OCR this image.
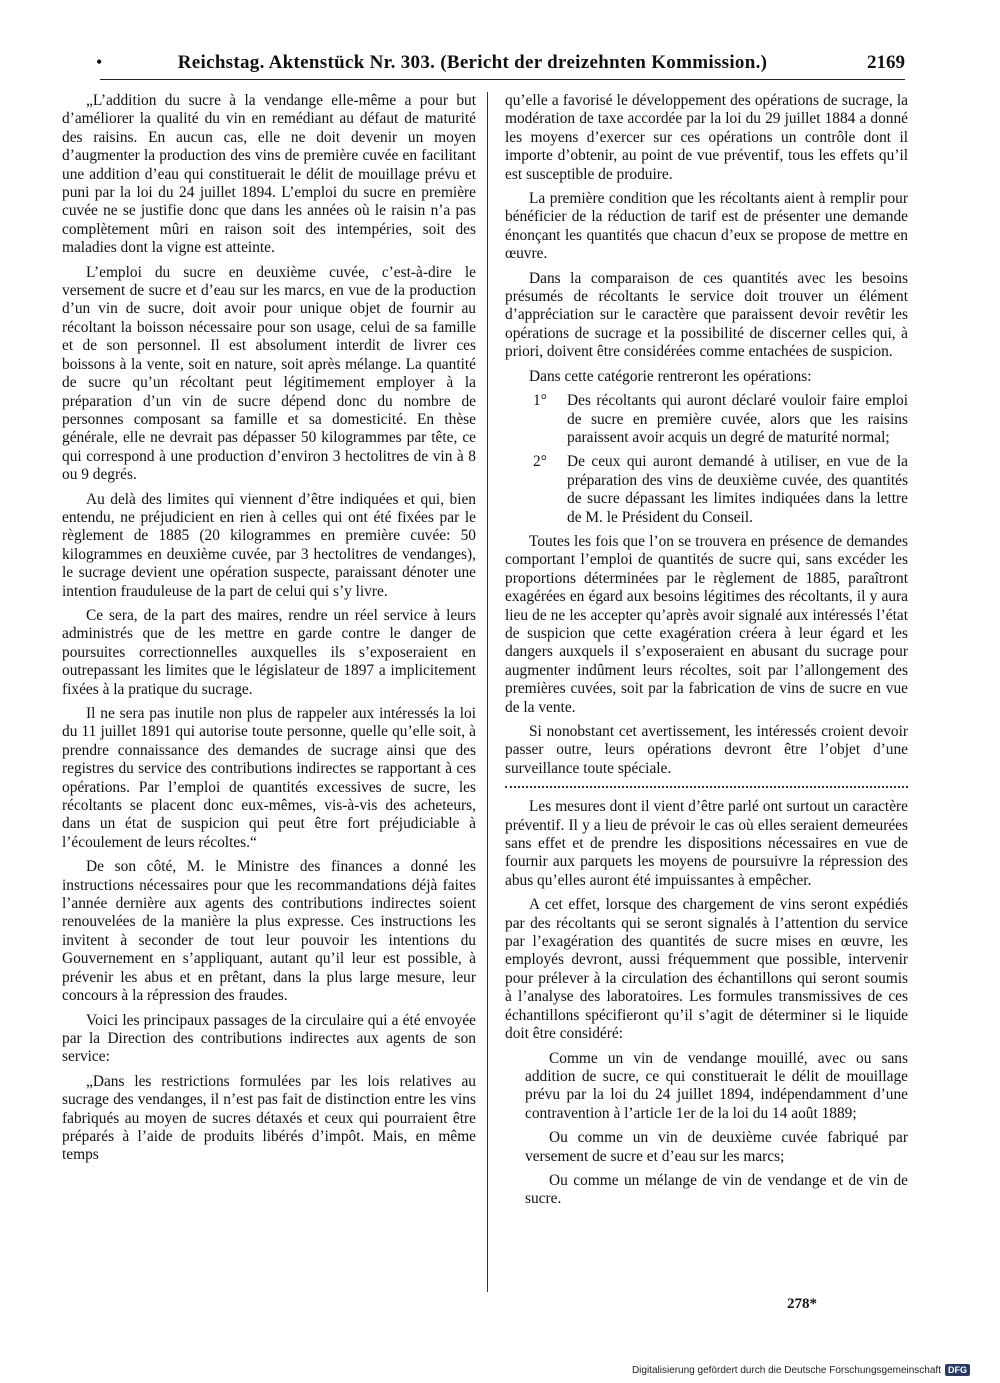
•	Reichstag. Aktenstück Nr. 303. (Bericht der dreizehnten Kommission.)	2169

„L’addition du sucre à la vendange elle-même a pour but d’améliorer la qualité du vin en remédiant au défaut de maturité des raisins. En aucun cas, elle ne doit devenir un moyen d’augmenter la production des vins de première cuvée en facilitant une addition d’eau qui constituerait le délit de mouillage prévu et puni par la loi du 24 juillet 1894. L’emploi du sucre en première cuvée ne se justifie donc que dans les années où le raisin n’a pas complètement mûri en raison soit des intempéries, soit des maladies dont la vigne est atteinte.

L’emploi du sucre en deuxième cuvée, c’est-à-dire le versement de sucre et d’eau sur les marcs, en vue de la production d’un vin de sucre, doit avoir pour unique objet de fournir au récoltant la boisson nécessaire pour son usage, celui de sa famille et de son personnel. Il est absolument interdit de livrer ces boissons à la vente, soit en nature, soit après mélange. La quantité de sucre qu’un récoltant peut légitimement employer à la préparation d’un vin de sucre dépend donc du nombre de personnes composant sa famille et sa domesticité. En thèse générale, elle ne devrait pas dépasser 50 kilogrammes par tête, ce qui correspond à une production d’environ 3 hectolitres de vin à 8 ou 9 degrés.

Au delà des limites qui viennent d’être indiquées et qui, bien entendu, ne préjudicient en rien à celles qui ont été fixées par le règlement de 1885 (20 kilogrammes en première cuvée: 50 kilogrammes en deuxième cuvée, par 3 hectolitres de vendanges), le sucrage devient une opération suspecte, paraissant dénoter une intention frauduleuse de la part de celui qui s’y livre.

Ce sera, de la part des maires, rendre un réel service à leurs administrés que de les mettre en garde contre le danger de poursuites correctionnelles auxquelles ils s’exposeraient en outrepassant les limites que le législateur de 1897 a implicitement fixées à la pratique du sucrage.

Il ne sera pas inutile non plus de rappeler aux intéressés la loi du 11 juillet 1891 qui autorise toute personne, quelle qu’elle soit, à prendre connaissance des demandes de sucrage ainsi que des registres du service des contributions indirectes se rapportant à ces opérations. Par l’emploi de quantités excessives de sucre, les récoltants se placent donc eux-mêmes, vis-à-vis des acheteurs, dans un état de suspicion qui peut être fort préjudiciable à l’écoulement de leurs récoltes.“

De son côté, M. le Ministre des finances a donné les instructions nécessaires pour que les recommandations déjà faites l’année dernière aux agents des contributions indirectes soient renouvelées de la manière la plus expresse. Ces instructions les invitent à seconder de tout leur pouvoir les intentions du Gouvernement en s’appliquant, autant qu’il leur est possible, à prévenir les abus et en prêtant, dans la plus large mesure, leur concours à la répression des fraudes.

Voici les principaux passages de la circulaire qui a été envoyée par la Direction des contributions indirectes aux agents de son service:

„Dans les restrictions formulées par les lois relatives au sucrage des vendanges, il n’est pas fait de distinction entre les vins fabriqués au moyen de sucres détaxés et ceux qui pourraient être préparés à l’aide de produits libérés d’impôt. Mais, en même temps

qu’elle a favorisé le développement des opérations de sucrage, la modération de taxe accordée par la loi du 29 juillet 1884 a donné les moyens d’exercer sur ces opérations un contrôle dont il importe d’obtenir, au point de vue préventif, tous les effets qu’il est susceptible de produire.

La première condition que les récoltants aient à remplir pour bénéficier de la réduction de tarif est de présenter une demande énonçant les quantités que chacun d’eux se propose de mettre en œuvre.

Dans la comparaison de ces quantités avec les besoins présumés de récoltants le service doit trouver un élément d’appréciation sur le caractère que paraissent devoir revêtir les opérations de sucrage et la possibilité de discerner celles qui, à priori, doivent être considérées comme entachées de suspicion.

Dans cette catégorie rentreront les opérations:

1°	Des récoltants qui auront déclaré vouloir faire emploi de sucre en première cuvée, alors que les raisins paraissent avoir acquis un degré de maturité normal;
2°	De ceux qui auront demandé à utiliser, en vue de la préparation des vins de deuxième cuvée, des quantités de sucre dépassant les limites indiquées dans la lettre de M. le Président du Conseil.

Toutes les fois que l’on se trouvera en présence de demandes comportant l’emploi de quantités de sucre qui, sans excéder les proportions déterminées par le règlement de 1885, paraîtront exagérées en égard aux besoins légitimes des récoltants, il y aura lieu de ne les accepter qu’après avoir signalé aux intéressés l’état de suspicion que cette exagération créera à leur égard et les dangers auxquels il s’exposeraient en abusant du sucrage pour augmenter indûment leurs récoltes, soit par l’allongement des premières cuvées, soit par la fabrication de vins de sucre en vue de la vente.

Si nonobstant cet avertissement, les intéressés croient devoir passer outre, leurs opérations devront être l’objet d’une surveillance toute spéciale.

Les mesures dont il vient d’être parlé ont surtout un caractère préventif. Il y a lieu de prévoir le cas où elles seraient demeurées sans effet et de prendre les dispositions nécessaires en vue de fournir aux parquets les moyens de poursuivre la répression des abus qu’elles auront été impuissantes à empêcher.

A cet effet, lorsque des chargement de vins seront expédiés par des récoltants qui se seront signalés à l’attention du service par l’exagération des quantités de sucre mises en œuvre, les employés devront, aussi fréquemment que possible, intervenir pour prélever à la circulation des échantillons qui seront soumis à l’analyse des laboratoires. Les formules transmissives de ces échantillons spécifieront qu’il s’agit de déterminer si le liquide doit être considéré:

Comme un vin de vendange mouillé, avec ou sans addition de sucre, ce qui constituerait le délit de mouillage prévu par la loi du 24 juillet 1894, indépendamment d’une contravention à l’article 1er de la loi du 14 août 1889;

Ou comme un vin de deuxième cuvée fabriqué par versement de sucre et d’eau sur les marcs;

Ou comme un mélange de vin de vendange et de vin de sucre.

278*
Digitalisierung gefördert durch die Deutsche Forschungsgemeinschaft DFG
